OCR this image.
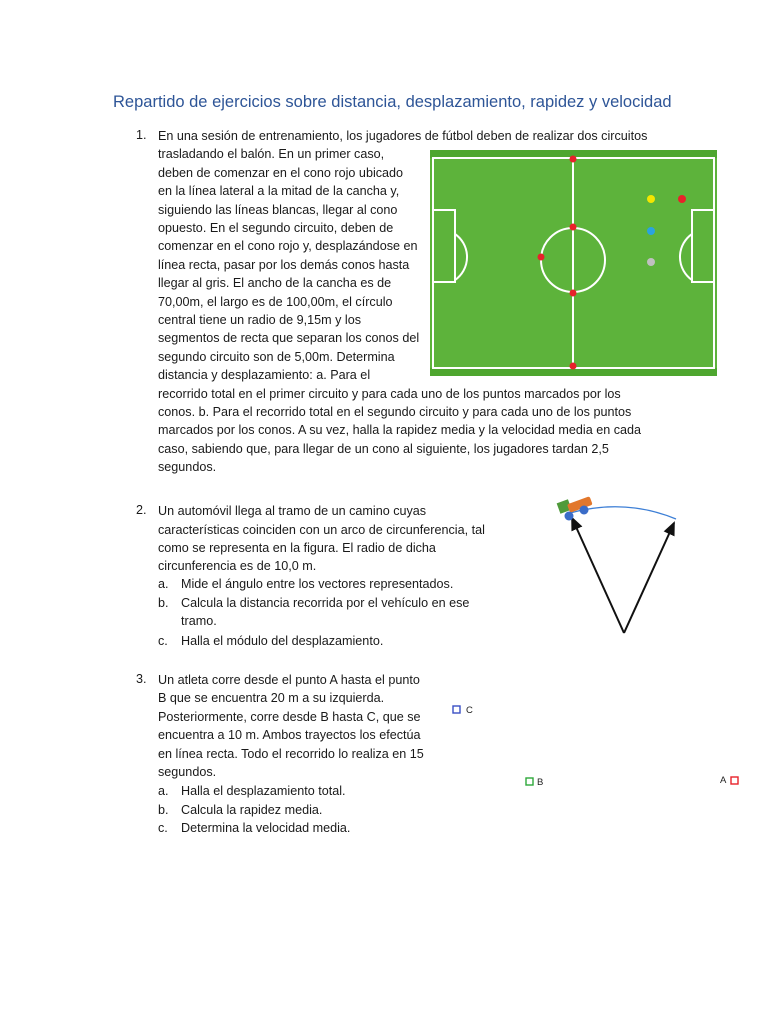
Repartido de ejercicios sobre distancia, desplazamiento, rapidez y velocidad
1. En una sesión de entrenamiento, los jugadores de fútbol deben de realizar dos circuitos
trasladando el balón. En un primer caso,
deben de comenzar en el cono rojo ubicado
en la línea lateral a la mitad de la cancha y,
siguiendo las líneas blancas, llegar al cono
opuesto. En el segundo circuito, deben de
comenzar en el cono rojo y, desplazándose en
línea recta, pasar por los demás conos hasta
llegar al gris. El ancho de la cancha es de
70,00m, el largo es de 100,00m, el círculo
central tiene un radio de 9,15m y los
segmentos de recta que separan los conos del
segundo circuito son de 5,00m. Determina
distancia y desplazamiento: a. Para el
recorrido total en el primer circuito y para cada uno de los puntos marcados por los
conos. b. Para el recorrido total en el segundo circuito y para cada uno de los puntos
marcados por los conos. A su vez, halla la rapidez media y la velocidad media en cada
caso, sabiendo que, para llegar de un cono al siguiente, los jugadores tardan 2,5
segundos.
2. Un automóvil llega al tramo de un camino cuyas
características coinciden con un arco de circunferencia, tal
como se representa en la figura. El radio de dicha
circunferencia es de 10,0 m.
a. Mide el ángulo entre los vectores representados.
b. Calcula la distancia recorrida por el vehículo en ese
tramo.
c. Halla el módulo del desplazamiento.
3. Un atleta corre desde el punto A hasta el punto
B que se encuentra 20 m a su izquierda.
Posteriormente, corre desde B hasta C, que se
encuentra a 10 m. Ambos trayectos los efectúa
en línea recta. Todo el recorrido lo realiza en 15
segundos.
a. Halla el desplazamiento total.
b. Calcula la rapidez media.
c. Determina la velocidad media.
C
B	A
